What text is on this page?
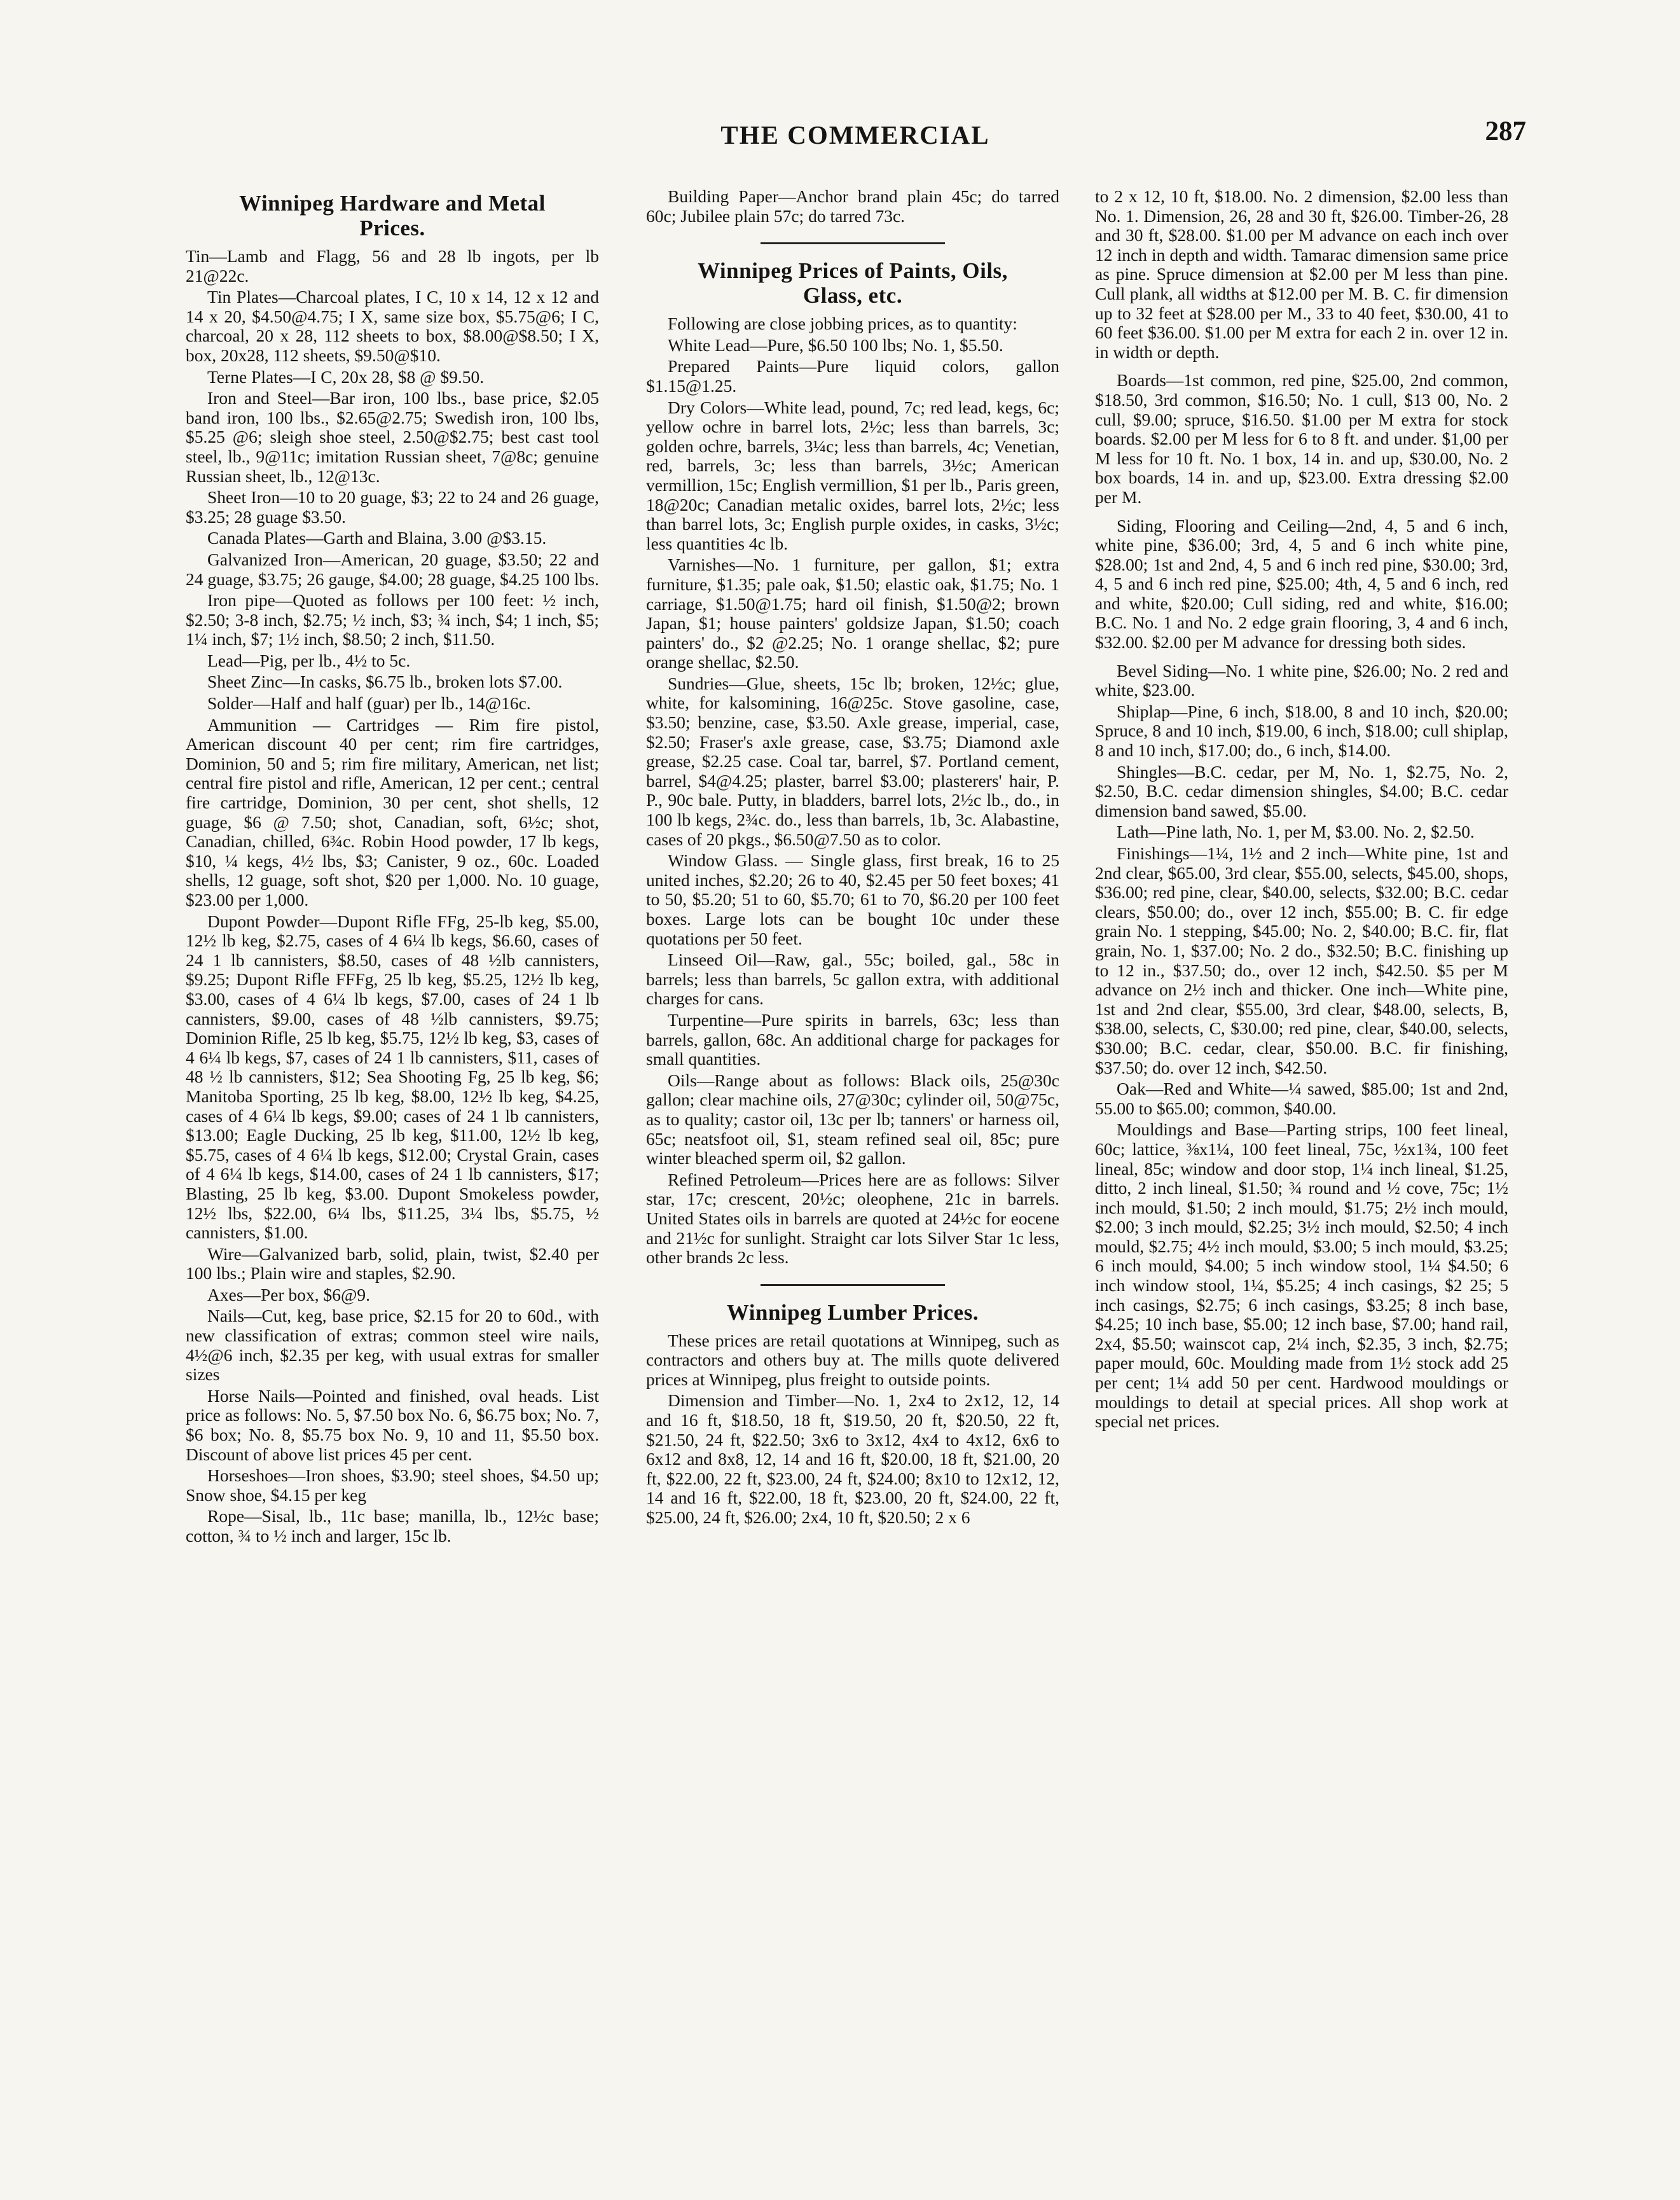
THE COMMERCIAL	287
Winnipeg Hardware and Metal
Prices.

Tin—Lamb and Flagg, 56 and 28 lb ingots, per lb 21@22c.

Tin Plates—Charcoal plates, I C, 10 x 14, 12 x 12 and 14 x 20, $4.50@4.75; I X, same size box, $5.75@6; I C, charcoal, 20 x 28, 112 sheets to box, $8.00@$8.50; I X, box, 20x28, 112 sheets, $9.50@$10.

Terne Plates—I C, 20x 28, $8 @ $9.50.

Iron and Steel—Bar iron, 100 lbs., base price, $2.05 band iron, 100 lbs., $2.65@2.75; Swedish iron, 100 lbs, $5.25 @6; sleigh shoe steel, 2.50@$2.75; best cast tool steel, lb., 9@11c; imitation Russian sheet, 7@8c; genuine Russian sheet, lb., 12@13c.

Sheet Iron—10 to 20 guage, $3; 22 to 24 and 26 guage, $3.25; 28 guage $3.50.

Canada Plates—Garth and Blaina, 3.00 @$3.15.

Galvanized Iron—American, 20 guage, $3.50; 22 and 24 guage, $3.75; 26 gauge, $4.00; 28 guage, $4.25 100 lbs.

Iron pipe—Quoted as follows per 100 feet: ½ inch, $2.50; 3-8 inch, $2.75; ½ inch, $3; ¾ inch, $4; 1 inch, $5; 1¼ inch, $7; 1½ inch, $8.50; 2 inch, $11.50.

Lead—Pig, per lb., 4½ to 5c.

Sheet Zinc—In casks, $6.75 lb., broken lots $7.00.

Solder—Half and half (guar) per lb., 14@16c.

Ammunition — Cartridges — Rim fire pistol, American discount 40 per cent; rim fire cartridges, Dominion, 50 and 5; rim fire military, American, net list; central fire pistol and rifle, American, 12 per cent.; central fire cartridge, Dominion, 30 per cent, shot shells, 12 guage, $6 @ 7.50; shot, Canadian, soft, 6½c; shot, Canadian, chilled, 6¾c. Robin Hood powder, 17 lb kegs, $10, ¼ kegs, 4½ lbs, $3; Canister, 9 oz., 60c. Loaded shells, 12 guage, soft shot, $20 per 1,000. No. 10 guage, $23.00 per 1,000.

Dupont Powder—Dupont Rifle FFg, 25-lb keg, $5.00, 12½ lb keg, $2.75, cases of 4 6¼ lb kegs, $6.60, cases of 24 1 lb cannisters, $8.50, cases of 48 ½lb cannisters, $9.25; Dupont Rifle FFFg, 25 lb keg, $5.25, 12½ lb keg, $3.00, cases of 4 6¼ lb kegs, $7.00, cases of 24 1 lb cannisters, $9.00, cases of 48 ½lb cannisters, $9.75; Dominion Rifle, 25 lb keg, $5.75, 12½ lb keg, $3, cases of 4 6¼ lb kegs, $7, cases of 24 1 lb cannisters, $11, cases of 48 ½ lb cannisters, $12; Sea Shooting Fg, 25 lb keg, $6; Manitoba Sporting, 25 lb keg, $8.00, 12½ lb keg, $4.25, cases of 4 6¼ lb kegs, $9.00; cases of 24 1 lb cannisters, $13.00; Eagle Ducking, 25 lb keg, $11.00, 12½ lb keg, $5.75, cases of 4 6¼ lb kegs, $12.00; Crystal Grain, cases of 4 6¼ lb kegs, $14.00, cases of 24 1 lb cannisters, $17; Blasting, 25 lb keg, $3.00. Dupont Smokeless powder, 12½ lbs, $22.00, 6¼ lbs, $11.25, 3¼ lbs, $5.75, ½ cannisters, $1.00.

Wire—Galvanized barb, solid, plain, twist, $2.40 per 100 lbs.; Plain wire and staples, $2.90.

Axes—Per box, $6@9.

Nails—Cut, keg, base price, $2.15 for 20 to 60d., with new classification of extras; common steel wire nails, 4½@6 inch, $2.35 per keg, with usual extras for smaller sizes

Horse Nails—Pointed and finished, oval heads. List price as follows: No. 5, $7.50 box No. 6, $6.75 box; No. 7, $6 box; No. 8, $5.75 box No. 9, 10 and 11, $5.50 box. Discount of above list prices 45 per cent.

Horseshoes—Iron shoes, $3.90; steel shoes, $4.50 up; Snow shoe, $4.15 per keg

Rope—Sisal, lb., 11c base; manilla, lb., 12½c base; cotton, ¾ to ½ inch and larger, 15c lb.

Building Paper—Anchor brand plain 45c; do tarred 60c; Jubilee plain 57c; do tarred 73c.

Winnipeg Prices of Paints, Oils,
Glass, etc.

Following are close jobbing prices, as to quantity:

White Lead—Pure, $6.50 100 lbs; No. 1, $5.50.

Prepared Paints—Pure liquid colors, gallon $1.15@1.25.

Dry Colors—White lead, pound, 7c; red lead, kegs, 6c; yellow ochre in barrel lots, 2½c; less than barrels, 3c; golden ochre, barrels, 3¼c; less than barrels, 4c; Venetian, red, barrels, 3c; less than barrels, 3½c; American vermillion, 15c; English vermillion, $1 per lb., Paris green, 18@20c; Canadian metalic oxides, barrel lots, 2½c; less than barrel lots, 3c; English purple oxides, in casks, 3½c; less quantities 4c lb.

Varnishes—No. 1 furniture, per gallon, $1; extra furniture, $1.35; pale oak, $1.50; elastic oak, $1.75; No. 1 carriage, $1.50@1.75; hard oil finish, $1.50@2; brown Japan, $1; house painters' goldsize Japan, $1.50; coach painters' do., $2 @2.25; No. 1 orange shellac, $2; pure orange shellac, $2.50.

Sundries—Glue, sheets, 15c lb; broken, 12½c; glue, white, for kalsomining, 16@25c. Stove gasoline, case, $3.50; benzine, case, $3.50. Axle grease, imperial, case, $2.50; Fraser's axle grease, case, $3.75; Diamond axle grease, $2.25 case. Coal tar, barrel, $7. Portland cement, barrel, $4@4.25; plaster, barrel $3.00; plasterers' hair, P. P., 90c bale. Putty, in bladders, barrel lots, 2½c lb., do., in 100 lb kegs, 2¾c. do., less than barrels, 1b, 3c. Alabastine, cases of 20 pkgs., $6.50@7.50 as to color.

Window Glass. — Single glass, first break, 16 to 25 united inches, $2.20; 26 to 40, $2.45 per 50 feet boxes; 41 to 50, $5.20; 51 to 60, $5.70; 61 to 70, $6.20 per 100 feet boxes. Large lots can be bought 10c under these quotations per 50 feet.

Linseed Oil—Raw, gal., 55c; boiled, gal., 58c in barrels; less than barrels, 5c gallon extra, with additional charges for cans.

Turpentine—Pure spirits in barrels, 63c; less than barrels, gallon, 68c. An additional charge for packages for small quantities.

Oils—Range about as follows: Black oils, 25@30c gallon; clear machine oils, 27@30c; cylinder oil, 50@75c, as to quality; castor oil, 13c per lb; tanners' or harness oil, 65c; neatsfoot oil, $1, steam refined seal oil, 85c; pure winter bleached sperm oil, $2 gallon.

Refined Petroleum—Prices here are as follows: Silver star, 17c; crescent, 20½c; oleophene, 21c in barrels. United States oils in barrels are quoted at 24½c for eocene and 21½c for sunlight. Straight car lots Silver Star 1c less, other brands 2c less.

Winnipeg Lumber Prices.

These prices are retail quotations at Winnipeg, such as contractors and others buy at. The mills quote delivered prices at Winnipeg, plus freight to outside points.

Dimension and Timber—No. 1, 2x4 to 2x12, 12, 14 and 16 ft, $18.50, 18 ft, $19.50, 20 ft, $20.50, 22 ft, $21.50, 24 ft, $22.50; 3x6 to 3x12, 4x4 to 4x12, 6x6 to 6x12 and 8x8, 12, 14 and 16 ft, $20.00, 18 ft, $21.00, 20 ft, $22.00, 22 ft, $23.00, 24 ft, $24.00; 8x10 to 12x12, 12, 14 and 16 ft, $22.00, 18 ft, $23.00, 20 ft, $24.00, 22 ft, $25.00, 24 ft, $26.00; 2x4, 10 ft, $20.50; 2 x 6

to 2 x 12, 10 ft, $18.00. No. 2 dimension, $2.00 less than No. 1. Dimension, 26, 28 and 30 ft, $26.00. Timber-26, 28 and 30 ft, $28.00. $1.00 per M advance on each inch over 12 inch in depth and width. Tamarac dimension same price as pine. Spruce dimension at $2.00 per M less than pine. Cull plank, all widths at $12.00 per M. B. C. fir dimension up to 32 feet at $28.00 per M., 33 to 40 feet, $30.00, 41 to 60 feet $36.00. $1.00 per M extra for each 2 in. over 12 in. in width or depth.

Boards—1st common, red pine, $25.00, 2nd common, $18.50, 3rd common, $16.50; No. 1 cull, $13 00, No. 2 cull, $9.00; spruce, $16.50. $1.00 per M extra for stock boards. $2.00 per M less for 6 to 8 ft. and under. $1,00 per M less for 10 ft. No. 1 box, 14 in. and up, $30.00, No. 2 box boards, 14 in. and up, $23.00. Extra dressing $2.00 per M.

Siding, Flooring and Ceiling—2nd, 4, 5 and 6 inch, white pine, $36.00; 3rd, 4, 5 and 6 inch white pine, $28.00; 1st and 2nd, 4, 5 and 6 inch red pine, $30.00; 3rd, 4, 5 and 6 inch red pine, $25.00; 4th, 4, 5 and 6 inch, red and white, $20.00; Cull siding, red and white, $16.00; B.C. No. 1 and No. 2 edge grain flooring, 3, 4 and 6 inch, $32.00. $2.00 per M advance for dressing both sides.

Bevel Siding—No. 1 white pine, $26.00; No. 2 red and white, $23.00.

Shiplap—Pine, 6 inch, $18.00, 8 and 10 inch, $20.00; Spruce, 8 and 10 inch, $19.00, 6 inch, $18.00; cull shiplap, 8 and 10 inch, $17.00; do., 6 inch, $14.00.

Shingles—B.C. cedar, per M, No. 1, $2.75, No. 2, $2.50, B.C. cedar dimension shingles, $4.00; B.C. cedar dimension band sawed, $5.00.

Lath—Pine lath, No. 1, per M, $3.00. No. 2, $2.50.

Finishings—1¼, 1½ and 2 inch—White pine, 1st and 2nd clear, $65.00, 3rd clear, $55.00, selects, $45.00, shops, $36.00; red pine, clear, $40.00, selects, $32.00; B.C. cedar clears, $50.00; do., over 12 inch, $55.00; B. C. fir edge grain No. 1 stepping, $45.00; No. 2, $40.00; B.C. fir, flat grain, No. 1, $37.00; No. 2 do., $32.50; B.C. finishing up to 12 in., $37.50; do., over 12 inch, $42.50. $5 per M advance on 2½ inch and thicker. One inch—White pine, 1st and 2nd clear, $55.00, 3rd clear, $48.00, selects, B, $38.00, selects, C, $30.00; red pine, clear, $40.00, selects, $30.00; B.C. cedar, clear, $50.00. B.C. fir finishing, $37.50; do. over 12 inch, $42.50.

Oak—Red and White—¼ sawed, $85.00; 1st and 2nd, 55.00 to $65.00; common, $40.00.

Mouldings and Base—Parting strips, 100 feet lineal, 60c; lattice, ⅜x1¼, 100 feet lineal, 75c, ½x1¾, 100 feet lineal, 85c; window and door stop, 1¼ inch lineal, $1.25, ditto, 2 inch lineal, $1.50; ¾ round and ½ cove, 75c; 1½ inch mould, $1.50; 2 inch mould, $1.75; 2½ inch mould, $2.00; 3 inch mould, $2.25; 3½ inch mould, $2.50; 4 inch mould, $2.75; 4½ inch mould, $3.00; 5 inch mould, $3.25; 6 inch mould, $4.00; 5 inch window stool, 1¼ $4.50; 6 inch window stool, 1¼, $5.25; 4 inch casings, $2 25; 5 inch casings, $2.75; 6 inch casings, $3.25; 8 inch base, $4.25; 10 inch base, $5.00; 12 inch base, $7.00; hand rail, 2x4, $5.50; wainscot cap, 2¼ inch, $2.35, 3 inch, $2.75; paper mould, 60c. Moulding made from 1½ stock add 25 per cent; 1¼ add 50 per cent. Hardwood mouldings or mouldings to detail at special prices. All shop work at special net prices.
